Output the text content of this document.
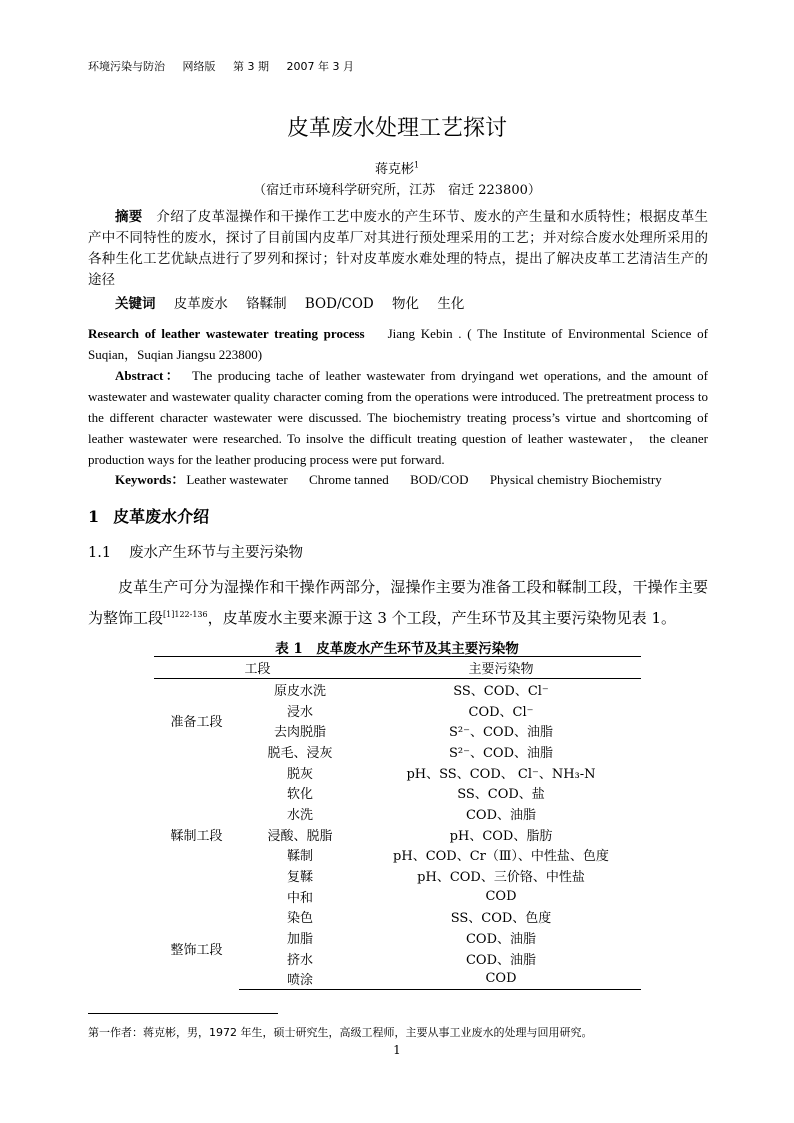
环境污染与防治 网络版 第 3 期 2007 年 3 月
皮革废水处理工艺探讨
蒋克彬$^1$
（宿迁市环境科学研究所，江苏　宿迁 223800）
摘要 介绍了皮革湿操作和干操作工艺中废水的产生环节、废水的产生量和水质特性；根据皮革生产中不同特性的废水，探讨了目前国内皮革厂对其进行预处理采用的工艺；并对综合废水处理所采用的各种生化工艺优缺点进行了罗列和探讨；针对皮革废水难处理的特点，提出了解决皮革工艺清洁生产的途径
关键词 皮革废水 铬鞣制 BOD/COD 物化 生化
Research of leather wastewater treating process Jiang Kebin . ( The Institute of Environmental Science of Suqian，Suqian Jiangsu 223800)
Abstract： The producing tache of leather wastewater from dryingand wet operations, and the amount of wastewater and wastewater quality character coming from the operations were introduced. The pretreatment process to the different character wastewater were discussed. The biochemistry treating process’s virtue and shortcoming of leather wastewater were researched. To insolve the difficult treating question of leather wastewater， the cleaner production ways for the leather producing process were put forward.
Keywords： Leather wastewater Chrome tanned BOD/COD Physical chemistry Biochemistry
1 皮革废水介绍
1.1 废水产生环节与主要污染物
皮革生产可分为湿操作和干操作两部分，湿操作主要为准备工段和鞣制工段，干操作主要为整饰工段$^{[1]122-136}$，皮革废水主要来源于这 3 个工段，产生环节及其主要污染物见表 1。
表 1　皮革废水产生环节及其主要污染物
工段		主要污染物
准备工段	原皮水洗	SS、COD、Cl⁻
	浸水	COD、Cl⁻
	去肉脱脂	S²⁻、COD、油脂
	脱毛、浸灰	S²⁻、COD、油脂
鞣制工段	脱灰	pH、SS、COD、 Cl⁻、NH₃-N
	软化	SS、COD、盐
	水洗	COD、油脂
	浸酸、脱脂	pH、COD、脂肪
	鞣制	pH、COD、Cr（Ⅲ）、中性盐、色度
	复鞣	pH、COD、三价铬、中性盐
	中和	COD
整饰工段	染色	SS、COD、色度
	加脂	COD、油脂
	挤水	COD、油脂
	喷涂	COD
第一作者：蒋克彬，男，1972 年生，硕士研究生，高级工程师，主要从事工业废水的处理与回用研究。
1
